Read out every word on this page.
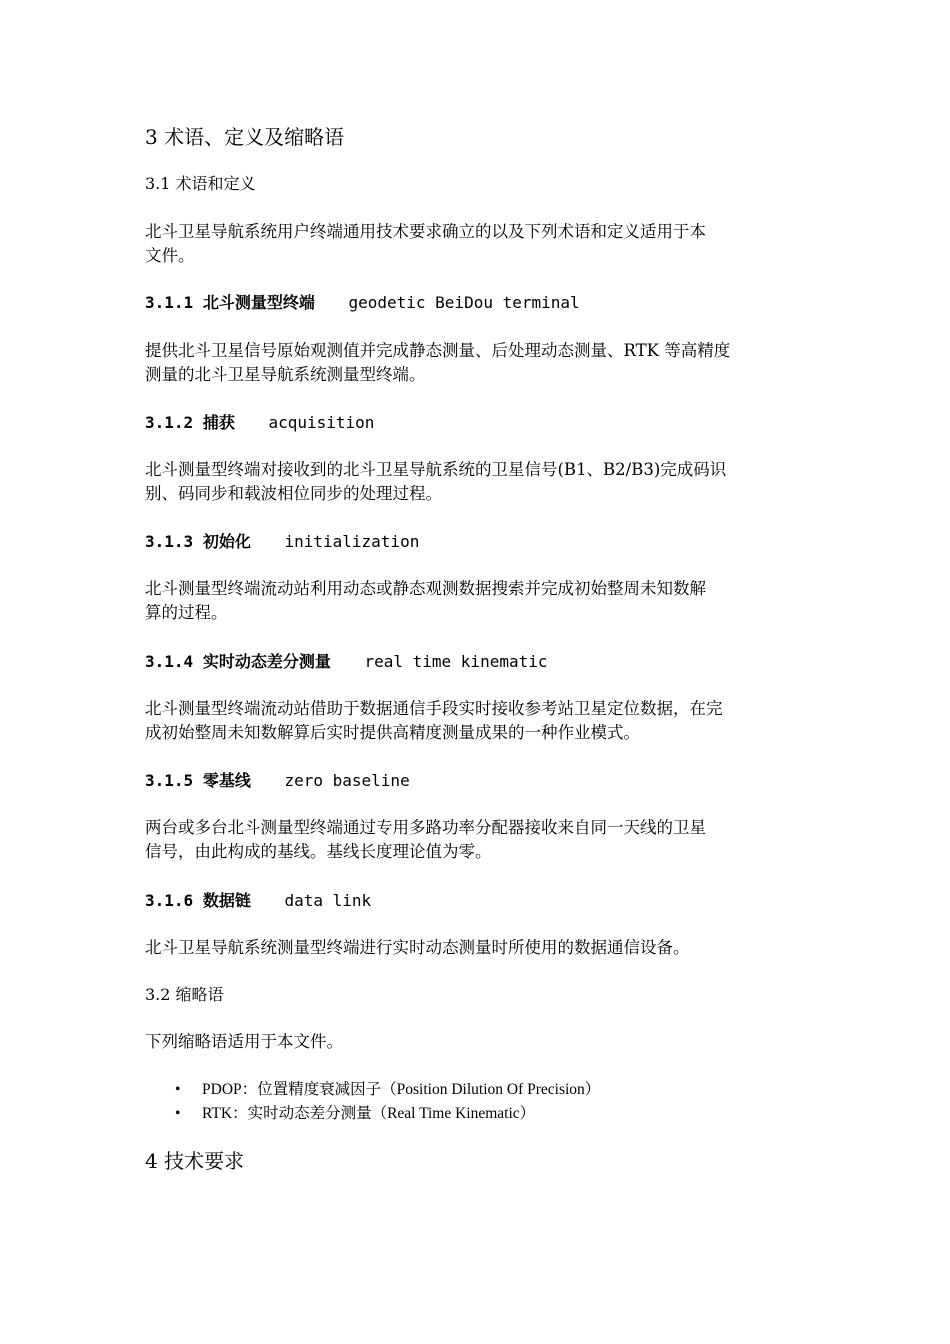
3 术语、定义及缩略语

3.1 术语和定义

北斗卫星导航系统用户终端通用技术要求确立的以及下列术语和定义适用于本
文件。

3.1.1 北斗测量型终端 geodetic BeiDou terminal

提供北斗卫星信号原始观测值并完成静态测量、后处理动态测量、RTK 等高精度
测量的北斗卫星导航系统测量型终端。

3.1.2 捕获 acquisition

北斗测量型终端对接收到的北斗卫星导航系统的卫星信号(B1、B2/B3)完成码识
别、码同步和载波相位同步的处理过程。

3.1.3 初始化 initialization

北斗测量型终端流动站利用动态或静态观测数据搜索并完成初始整周未知数解
算的过程。

3.1.4 实时动态差分测量 real time kinematic

北斗测量型终端流动站借助于数据通信手段实时接收参考站卫星定位数据，在完
成初始整周未知数解算后实时提供高精度测量成果的一种作业模式。

3.1.5 零基线 zero baseline

两台或多台北斗测量型终端通过专用多路功率分配器接收来自同一天线的卫星
信号，由此构成的基线。基线长度理论值为零。

3.1.6 数据链 data link

北斗卫星导航系统测量型终端进行实时动态测量时所使用的数据通信设备。

3.2 缩略语

下列缩略语适用于本文件。

• PDOP：位置精度衰减因子（Position Dilution Of Precision）
• RTK：实时动态差分测量（Real Time Kinematic）

4 技术要求
